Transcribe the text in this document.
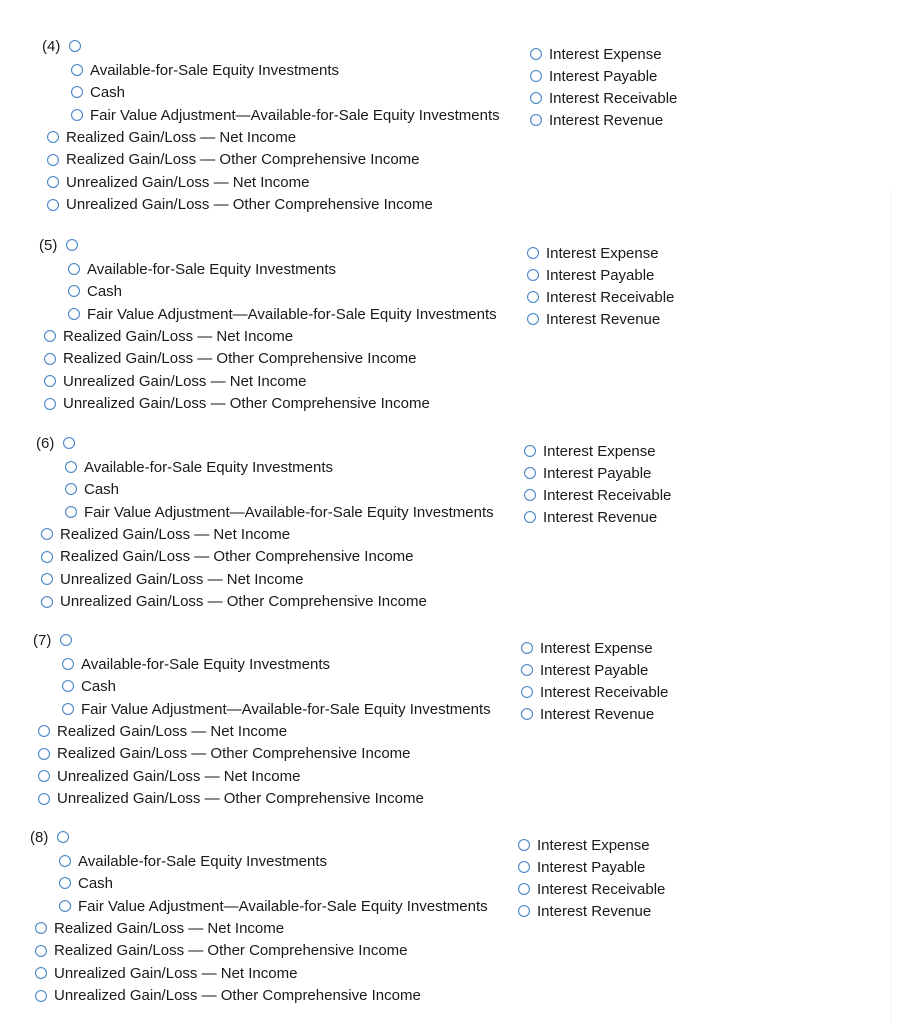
(4)
Available-for-Sale Equity Investments
Cash
Fair Value Adjustment—Available-for-Sale Equity Investments
Realized Gain/Loss — Net Income
Realized Gain/Loss — Other Comprehensive Income
Unrealized Gain/Loss — Net Income
Unrealized Gain/Loss — Other Comprehensive Income
Interest Expense
Interest Payable
Interest Receivable
Interest Revenue
(5)
Available-for-Sale Equity Investments
Cash
Fair Value Adjustment—Available-for-Sale Equity Investments
Realized Gain/Loss — Net Income
Realized Gain/Loss — Other Comprehensive Income
Unrealized Gain/Loss — Net Income
Unrealized Gain/Loss — Other Comprehensive Income
Interest Expense
Interest Payable
Interest Receivable
Interest Revenue
(6)
Available-for-Sale Equity Investments
Cash
Fair Value Adjustment—Available-for-Sale Equity Investments
Realized Gain/Loss — Net Income
Realized Gain/Loss — Other Comprehensive Income
Unrealized Gain/Loss — Net Income
Unrealized Gain/Loss — Other Comprehensive Income
Interest Expense
Interest Payable
Interest Receivable
Interest Revenue
(7)
Available-for-Sale Equity Investments
Cash
Fair Value Adjustment—Available-for-Sale Equity Investments
Realized Gain/Loss — Net Income
Realized Gain/Loss — Other Comprehensive Income
Unrealized Gain/Loss — Net Income
Unrealized Gain/Loss — Other Comprehensive Income
Interest Expense
Interest Payable
Interest Receivable
Interest Revenue
(8)
Available-for-Sale Equity Investments
Cash
Fair Value Adjustment—Available-for-Sale Equity Investments
Realized Gain/Loss — Net Income
Realized Gain/Loss — Other Comprehensive Income
Unrealized Gain/Loss — Net Income
Unrealized Gain/Loss — Other Comprehensive Income
Interest Expense
Interest Payable
Interest Receivable
Interest Revenue
